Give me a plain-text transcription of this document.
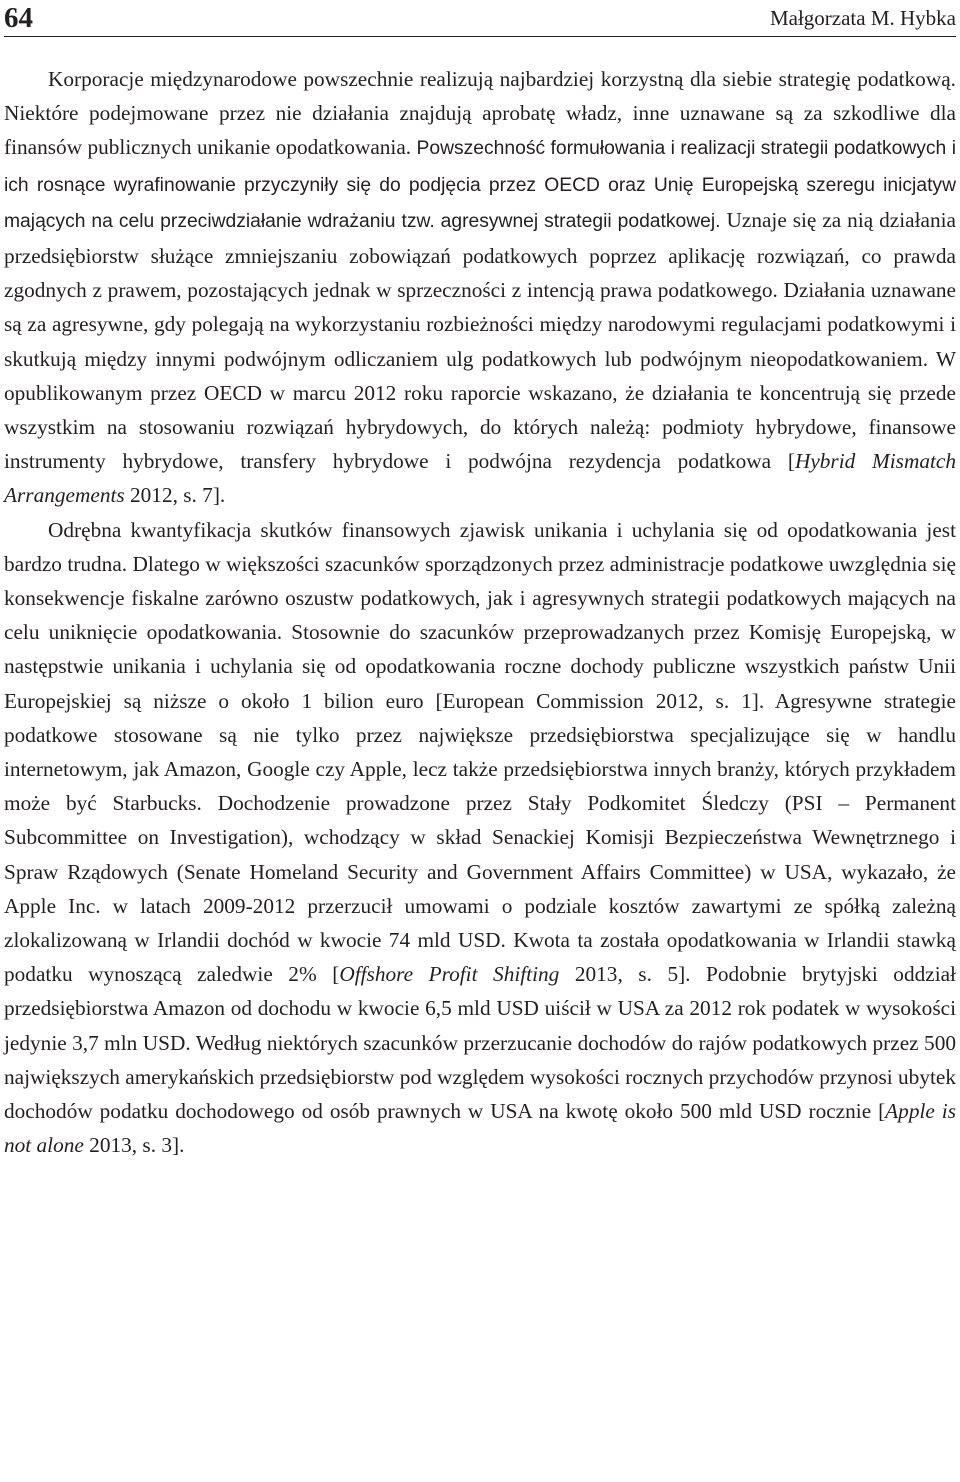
64	Małgorzata M. Hybka

Korporacje międzynarodowe powszechnie realizują najbardziej korzystną dla siebie strategię podatkową. Niektóre podejmowane przez nie działania znajdują aprobatę władz, inne uznawane są za szkodliwe dla finansów publicznych unikanie opodatkowania. Powszechność formułowania i realizacji strategii podatkowych i ich rosnące wyrafinowanie przyczyniły się do podjęcia przez OECD oraz Unię Europejską szeregu inicjatyw mających na celu przeciwdziałanie wdrażaniu tzw. agresywnej strategii podatkowej. Uznaje się za nią działania przedsiębiorstw służące zmniejszaniu zobowiązań podatkowych poprzez aplikację rozwiązań, co prawda zgodnych z prawem, pozostających jednak w sprzeczności z intencją prawa podatkowego. Działania uznawane są za agresywne, gdy polegają na wykorzystaniu rozbieżności między narodowymi regulacjami podatkowymi i skutkują między innymi podwójnym odliczaniem ulg podatkowych lub podwójnym nieopodatkowaniem. W opublikowanym przez OECD w marcu 2012 roku raporcie wskazano, że działania te koncentrują się przede wszystkim na stosowaniu rozwiązań hybrydowych, do których należą: podmioty hybrydowe, finansowe instrumenty hybrydowe, transfery hybrydowe i podwójna rezydencja podatkowa [Hybrid Mismatch Arrangements 2012, s. 7].

Odrębna kwantyfikacja skutków finansowych zjawisk unikania i uchylania się od opodatkowania jest bardzo trudna. Dlatego w większości szacunków sporządzonych przez administracje podatkowe uwzględnia się konsekwencje fiskalne zarówno oszustw podatkowych, jak i agresywnych strategii podatkowych mających na celu uniknięcie opodatkowania. Stosownie do szacunków przeprowadzanych przez Komisję Europejską, w następstwie unikania i uchylania się od opodatkowania roczne dochody publiczne wszystkich państw Unii Europejskiej są niższe o około 1 bilion euro [European Commission 2012, s. 1]. Agresywne strategie podatkowe stosowane są nie tylko przez największe przedsiębiorstwa specjalizujące się w handlu internetowym, jak Amazon, Google czy Apple, lecz także przedsiębiorstwa innych branży, których przykładem może być Starbucks. Dochodzenie prowadzone przez Stały Podkomitet Śledczy (PSI – Permanent Subcommittee on Investigation), wchodzący w skład Senackiej Komisji Bezpieczeństwa Wewnętrznego i Spraw Rządowych (Senate Homeland Security and Government Affairs Committee) w USA, wykazało, że Apple Inc. w latach 2009-2012 przerzucił umowami o podziale kosztów zawartymi ze spółką zależną zlokalizowaną w Irlandii dochód w kwocie 74 mld USD. Kwota ta została opodatkowania w Irlandii stawką podatku wynoszącą zaledwie 2% [Offshore Profit Shifting 2013, s. 5]. Podobnie brytyjski oddział przedsiębiorstwa Amazon od dochodu w kwocie 6,5 mld USD uiścił w USA za 2012 rok podatek w wysokości jedynie 3,7 mln USD. Według niektórych szacunków przerzucanie dochodów do rajów podatkowych przez 500 największych amerykańskich przedsiębiorstw pod względem wysokości rocznych przychodów przynosi ubytek dochodów podatku dochodowego od osób prawnych w USA na kwotę około 500 mld USD rocznie [Apple is not alone 2013, s. 3].
